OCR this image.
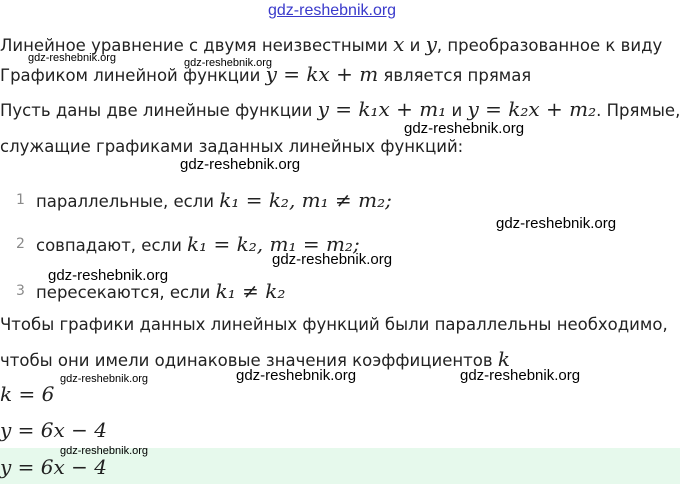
gdz-reshebnik.org
Линейное уравнение с двумя неизвестными x и y, преобразованное к виду
Графиком линейной функции y = kx + m является прямая
Пусть даны две линейные функции y = k₁x + m₁ и y = k₂x + m₂. Прямые,
служащие графиками заданных линейных функций:
1 параллельные, если k₁ = k₂, m₁ ≠ m₂;
2 совпадают, если k₁ = k₂, m₁ = m₂;
3 пересекаются, если k₁ ≠ k₂
Чтобы графики данных линейных функций были параллельны необходимо,
чтобы они имели одинаковые значения коэффициентов k
k = 6
y = 6x − 4
y = 6x − 4
gdz-reshebnik.org	gdz-reshebnik.org
gdz-reshebnik.org
gdz-reshebnik.org
gdz-reshebnik.org
gdz-reshebnik.org
gdz-reshebnik.org
gdz-reshebnik.org	gdz-reshebnik.org	gdz-reshebnik.org
gdz-reshebnik.org
